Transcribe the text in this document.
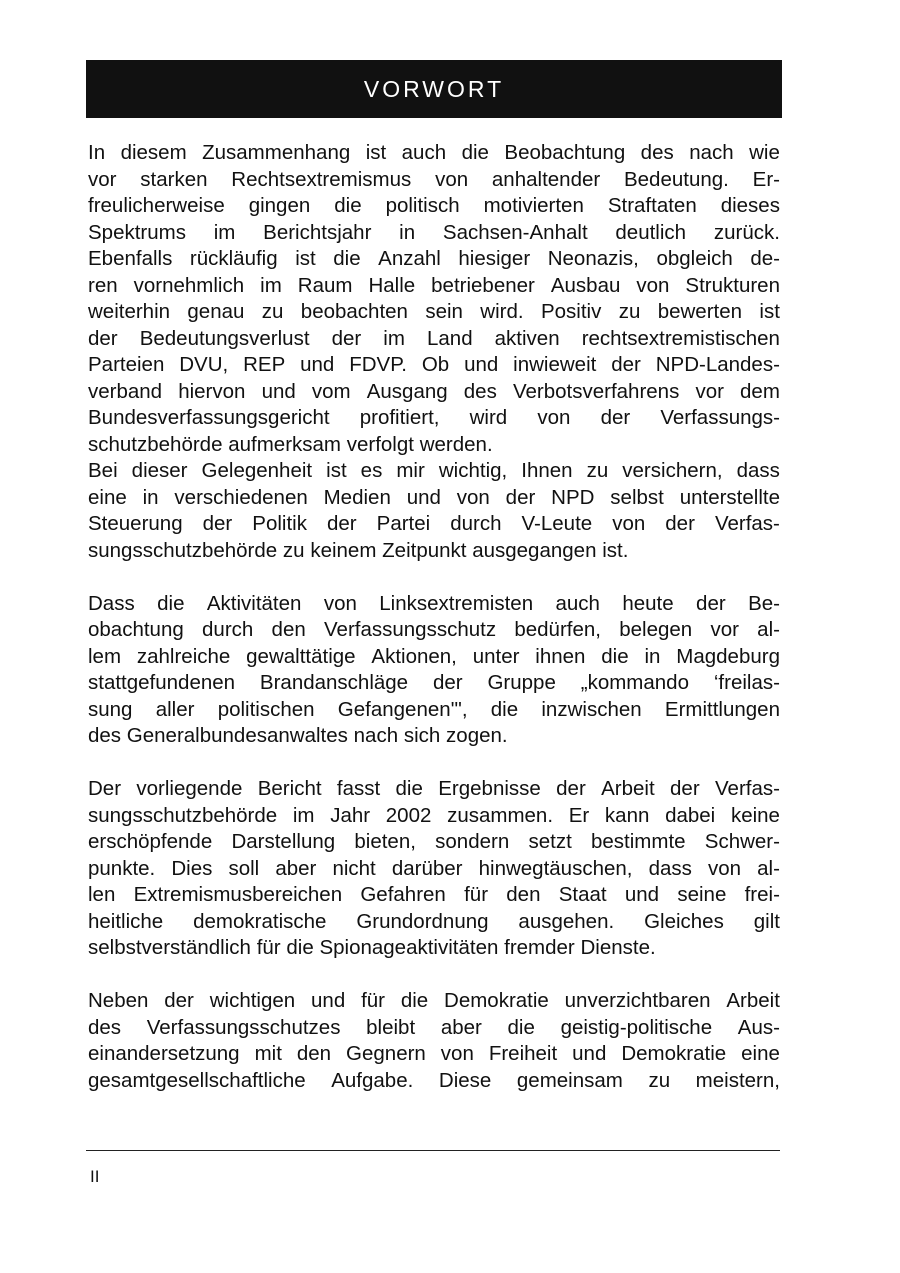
VORWORT
In diesem Zusammenhang ist auch die Beobachtung des nach wie
vor starken Rechtsextremismus von anhaltender Bedeutung. Er-
freulicherweise gingen die politisch motivierten Straftaten dieses
Spektrums im Berichtsjahr in Sachsen-Anhalt deutlich zurück.
Ebenfalls rückläufig ist die Anzahl hiesiger Neonazis, obgleich de-
ren vornehmlich im Raum Halle betriebener Ausbau von Strukturen
weiterhin genau zu beobachten sein wird. Positiv zu bewerten ist
der Bedeutungsverlust der im Land aktiven rechtsextremistischen
Parteien DVU, REP und FDVP. Ob und inwieweit der NPD-Landes-
verband hiervon und vom Ausgang des Verbotsverfahrens vor dem
Bundesverfassungsgericht profitiert, wird von der Verfassungs-
schutzbehörde aufmerksam verfolgt werden.
Bei dieser Gelegenheit ist es mir wichtig, Ihnen zu versichern, dass
eine in verschiedenen Medien und von der NPD selbst unterstellte
Steuerung der Politik der Partei durch V-Leute von der Verfas-
sungsschutzbehörde zu keinem Zeitpunkt ausgegangen ist.
Dass die Aktivitäten von Linksextremisten auch heute der Be-
obachtung durch den Verfassungsschutz bedürfen, belegen vor al-
lem zahlreiche gewalttätige Aktionen, unter ihnen die in Magdeburg
stattgefundenen Brandanschläge der Gruppe „kommando ‘freilas-
sung aller politischen Gefangenen'", die inzwischen Ermittlungen
des Generalbundesanwaltes nach sich zogen.
Der vorliegende Bericht fasst die Ergebnisse der Arbeit der Verfas-
sungsschutzbehörde im Jahr 2002 zusammen. Er kann dabei keine
erschöpfende Darstellung bieten, sondern setzt bestimmte Schwer-
punkte. Dies soll aber nicht darüber hinwegtäuschen, dass von al-
len Extremismusbereichen Gefahren für den Staat und seine frei-
heitliche demokratische Grundordnung ausgehen. Gleiches gilt
selbstverständlich für die Spionageaktivitäten fremder Dienste.
Neben der wichtigen und für die Demokratie unverzichtbaren Arbeit
des Verfassungsschutzes bleibt aber die geistig-politische Aus-
einandersetzung mit den Gegnern von Freiheit und Demokratie eine
gesamtgesellschaftliche Aufgabe. Diese gemeinsam zu meistern,
II
